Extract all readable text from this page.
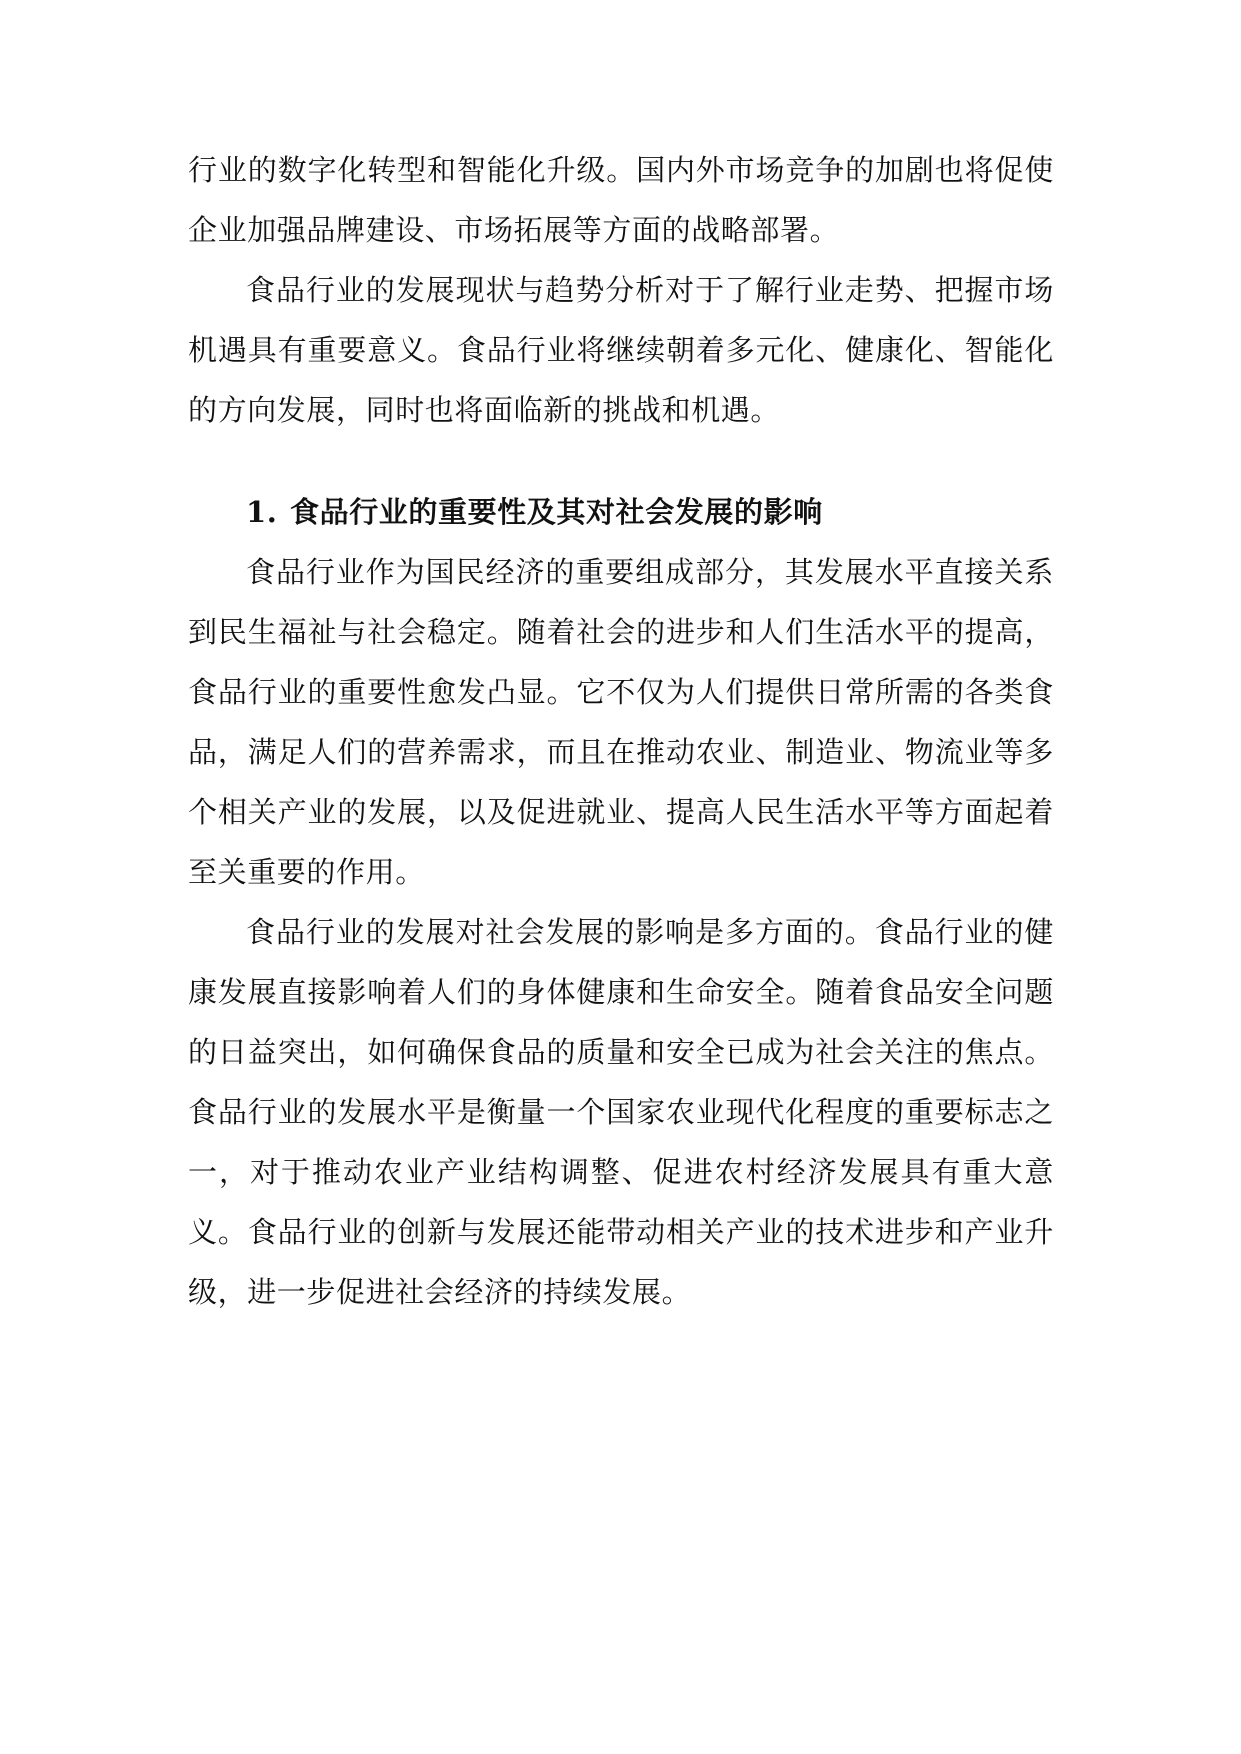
行业的数字化转型和智能化升级。国内外市场竞争的加剧也将促使企业加强品牌建设、市场拓展等方面的战略部署。

食品行业的发展现状与趋势分析对于了解行业走势、把握市场机遇具有重要意义。食品行业将继续朝着多元化、健康化、智能化的方向发展，同时也将面临新的挑战和机遇。

1. 食品行业的重要性及其对社会发展的影响

食品行业作为国民经济的重要组成部分，其发展水平直接关系到民生福祉与社会稳定。随着社会的进步和人们生活水平的提高，食品行业的重要性愈发凸显。它不仅为人们提供日常所需的各类食品，满足人们的营养需求，而且在推动农业、制造业、物流业等多个相关产业的发展，以及促进就业、提高人民生活水平等方面起着至关重要的作用。

食品行业的发展对社会发展的影响是多方面的。食品行业的健康发展直接影响着人们的身体健康和生命安全。随着食品安全问题的日益突出，如何确保食品的质量和安全已成为社会关注的焦点。食品行业的发展水平是衡量一个国家农业现代化程度的重要标志之一，对于推动农业产业结构调整、促进农村经济发展具有重大意义。食品行业的创新与发展还能带动相关产业的技术进步和产业升级，进一步促进社会经济的持续发展。
